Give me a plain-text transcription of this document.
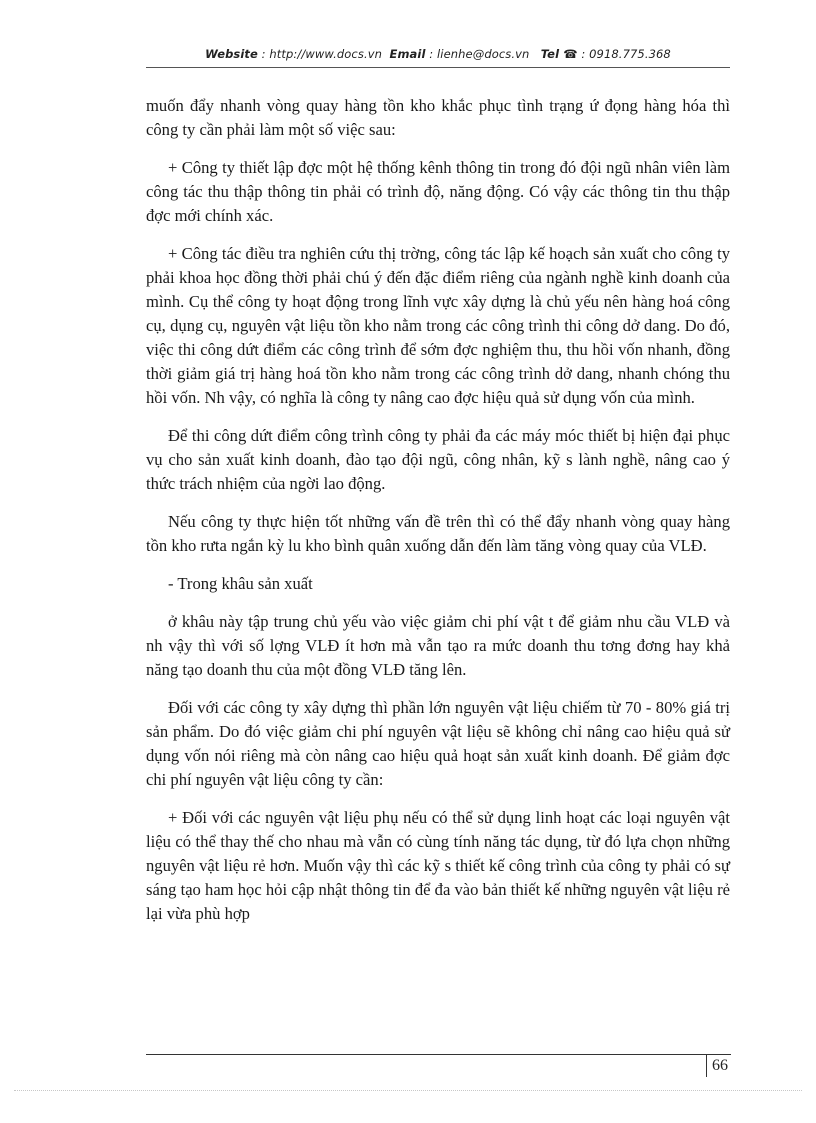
Website : http://www.docs.vn Email : lienhe@docs.vn Tel ☎ : 0918.775.368

muốn đẩy nhanh vòng quay hàng tồn kho khắc phục tình trạng ứ đọng hàng hóa thì công ty cần phải làm một số việc sau:

+ Công ty thiết lập đợc một hệ thống kênh thông tin trong đó đội ngũ nhân viên làm công tác thu thập thông tin phải có trình độ, năng động. Có vậy các thông tin thu thập đợc mới chính xác.

+ Công tác điều tra nghiên cứu thị trờng, công tác lập kế hoạch sản xuất cho công ty phải khoa học đồng thời phải chú ý đến đặc điểm riêng của ngành nghề kinh doanh của mình. Cụ thể công ty hoạt động trong lĩnh vực xây dựng là chủ yếu nên hàng hoá công cụ, dụng cụ, nguyên vật liệu tồn kho nằm trong các công trình thi công dở dang. Do đó, việc thi công dứt điểm các công trình để sớm đợc nghiệm thu, thu hồi vốn nhanh, đồng thời giảm giá trị hàng hoá tồn kho nằm trong các công trình dở dang, nhanh chóng thu hồi vốn. Nh vậy, có nghĩa là công ty nâng cao đợc hiệu quả sử dụng vốn của mình.

Để thi công dứt điểm công trình công ty phải đa các máy móc thiết bị hiện đại phục vụ cho sản xuất kinh doanh, đào tạo đội ngũ, công nhân, kỹ s lành nghề, nâng cao ý thức trách nhiệm của ngời lao động.

Nếu công ty thực hiện tốt những vấn đề trên thì có thể đẩy nhanh vòng quay hàng tồn kho rưta ngắn kỳ lu kho bình quân xuống dẫn đến làm tăng vòng quay của VLĐ.

- Trong khâu sản xuất

ở khâu này tập trung chủ yếu vào việc giảm chi phí vật t để giảm nhu cầu VLĐ và nh vậy thì với số lợng VLĐ ít hơn mà vẫn tạo ra mức doanh thu tơng đơng hay khả năng tạo doanh thu của một đồng VLĐ tăng lên.

Đối với các công ty xây dựng thì phần lớn nguyên vật liệu chiếm từ 70 - 80% giá trị sản phẩm. Do đó việc giảm chi phí nguyên vật liệu sẽ không chỉ nâng cao hiệu quả sử dụng vốn nói riêng mà còn nâng cao hiệu quả hoạt sản xuất kinh doanh. Để giảm đợc chi phí nguyên vật liệu công ty cần:

+ Đối với các nguyên vật liệu phụ nếu có thể sử dụng linh hoạt các loại nguyên vật liệu có thể thay thế cho nhau mà vẫn có cùng tính năng tác dụng, từ đó lựa chọn những nguyên vật liệu rẻ hơn. Muốn vậy thì các kỹ s thiết kế công trình của công ty phải có sự sáng tạo ham học hỏi cập nhật thông tin để đa vào bản thiết kế những nguyên vật liệu rẻ lại vừa phù hợp

66
